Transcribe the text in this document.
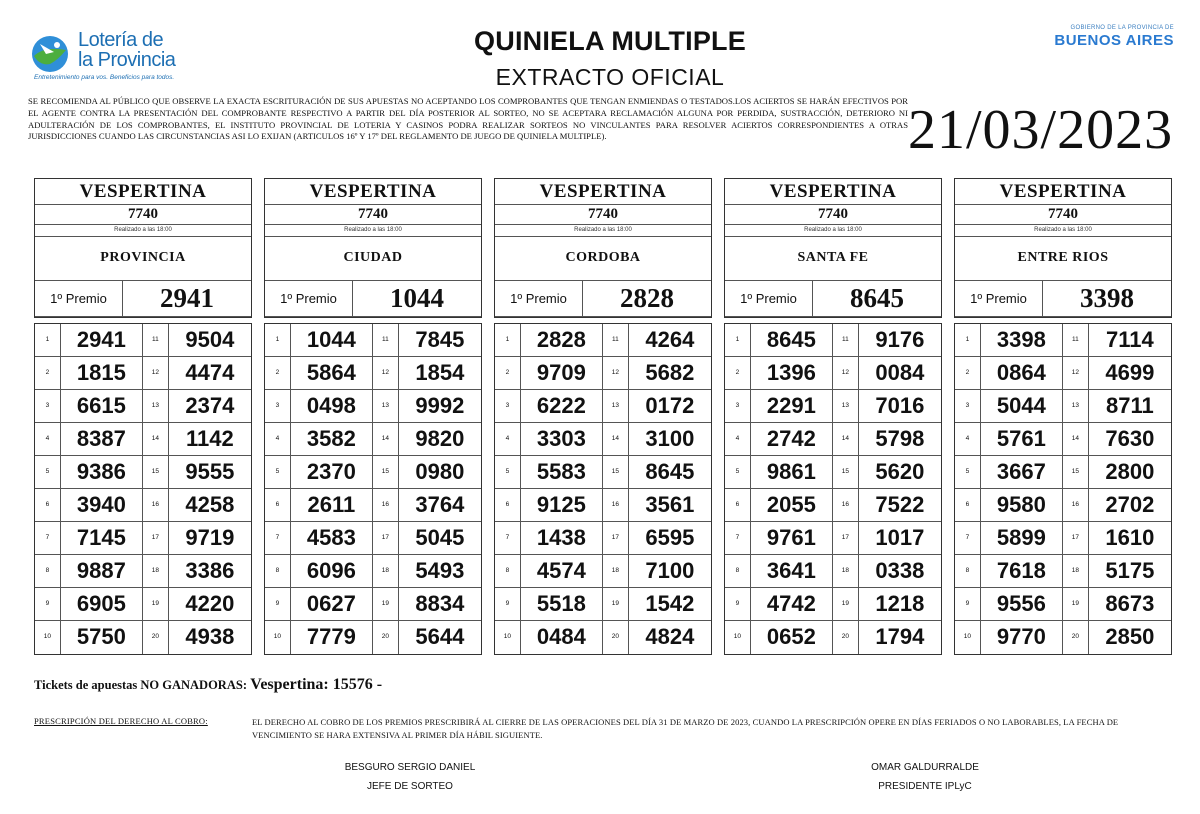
Lotería de
la Provincia
Entretenimiento para vos. Beneficios para todos.
QUINIELA MULTIPLE
EXTRACTO OFICIAL
GOBIERNO DE LA PROVINCIA DE
BUENOS AIRES
SE RECOMIENDA AL PÚBLICO QUE OBSERVE LA EXACTA ESCRITURACIÓN DE SUS APUESTAS NO ACEPTANDO LOS COMPROBANTES QUE TENGAN ENMIENDAS O TESTADOS.LOS ACIERTOS SE HARÁN EFECTIVOS POR EL AGENTE CONTRA LA PRESENTACIÓN DEL COMPROBANTE RESPECTIVO A PARTIR DEL DÍA POSTERIOR AL SORTEO, NO SE ACEPTARA RECLAMACIÓN ALGUNA POR PERDIDA, SUSTRACCIÓN, DETERIORO NI ADULTERACIÓN DE LOS COMPROBANTES, EL INSTITUTO PROVINCIAL DE LOTERIA Y CASINOS PODRA REALIZAR SORTEOS NO VINCULANTES PARA RESOLVER ACIERTOS CORRESPONDIENTES A OTRAS JURISDICCIONES CUANDO LAS CIRCUNSTANCIAS ASI LO EXIJAN (ARTICULOS 16º Y 17º DEL REGLAMENTO DE JUEGO DE QUINIELA MULTIPLE).	21/03/2023
VESPERTINA
7740
Realizado a las 18:00
PROVINCIA
1º Premio	2941
1	2941	11	9504
2	1815	12	4474
3	6615	13	2374
4	8387	14	1142
5	9386	15	9555
6	3940	16	4258
7	7145	17	9719
8	9887	18	3386
9	6905	19	4220
10	5750	20	4938
VESPERTINA
7740
Realizado a las 18:00
CIUDAD
1º Premio	1044
1	1044	11	7845
2	5864	12	1854
3	0498	13	9992
4	3582	14	9820
5	2370	15	0980
6	2611	16	3764
7	4583	17	5045
8	6096	18	5493
9	0627	19	8834
10	7779	20	5644
VESPERTINA
7740
Realizado a las 18:00
CORDOBA
1º Premio	2828
1	2828	11	4264
2	9709	12	5682
3	6222	13	0172
4	3303	14	3100
5	5583	15	8645
6	9125	16	3561
7	1438	17	6595
8	4574	18	7100
9	5518	19	1542
10	0484	20	4824
VESPERTINA
7740
Realizado a las 18:00
SANTA FE
1º Premio	8645
1	8645	11	9176
2	1396	12	0084
3	2291	13	7016
4	2742	14	5798
5	9861	15	5620
6	2055	16	7522
7	9761	17	1017
8	3641	18	0338
9	4742	19	1218
10	0652	20	1794
VESPERTINA
7740
Realizado a las 18:00
ENTRE RIOS
1º Premio	3398
1	3398	11	7114
2	0864	12	4699
3	5044	13	8711
4	5761	14	7630
5	3667	15	2800
6	9580	16	2702
7	5899	17	1610
8	7618	18	5175
9	9556	19	8673
10	9770	20	2850
Tickets de apuestas NO GANADORAS: Vespertina: 15576 -
PRESCRIPCIÓN DEL DERECHO AL COBRO:	EL DERECHO AL COBRO DE LOS PREMIOS PRESCRIBIRÁ AL CIERRE DE LAS OPERACIONES DEL DÍA 31 DE MARZO DE 2023, CUANDO LA PRESCRIPCIÓN OPERE EN DÍAS FERIADOS O NO LABORABLES, LA FECHA DE VENCIMIENTO SE HARA EXTENSIVA AL PRIMER DÍA HÁBIL SIGUIENTE.
BESGURO SERGIO DANIEL
JEFE DE SORTEO
OMAR GALDURRALDE
PRESIDENTE IPLyC
